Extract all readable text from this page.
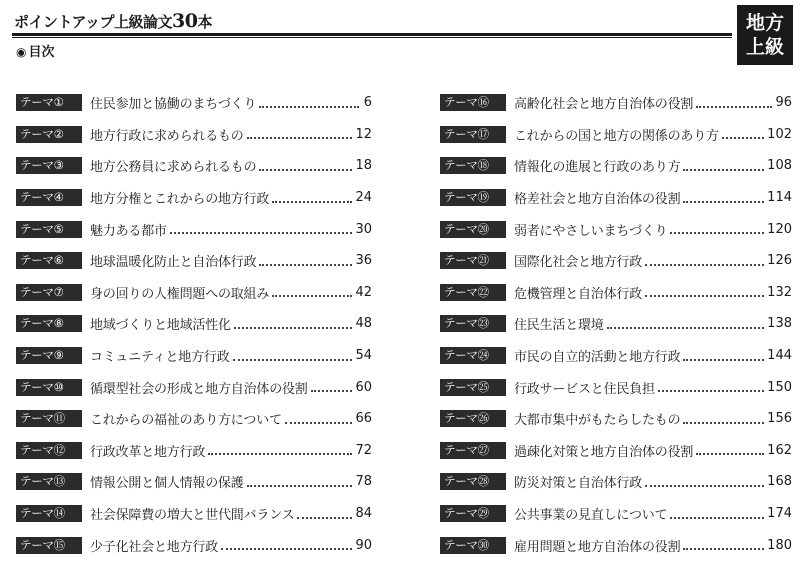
ポイントアップ上級論文30本
◉ 目次
地方
上級
テーマ①	住民参加と協働のまちづくり	6
テーマ②	地方行政に求められるもの	12
テーマ③	地方公務員に求められるもの	18
テーマ④	地方分権とこれからの地方行政	24
テーマ⑤	魅力ある都市	30
テーマ⑥	地球温暖化防止と自治体行政	36
テーマ⑦	身の回りの人権問題への取組み	42
テーマ⑧	地域づくりと地域活性化	48
テーマ⑨	コミュニティと地方行政	54
テーマ⑩	循環型社会の形成と地方自治体の役割	60
テーマ⑪	これからの福祉のあり方について	66
テーマ⑫	行政改革と地方行政	72
テーマ⑬	情報公開と個人情報の保護	78
テーマ⑭	社会保障費の増大と世代間バランス	84
テーマ⑮	少子化社会と地方行政	90
テーマ⑯	高齢化社会と地方自治体の役割	96
テーマ⑰	これからの国と地方の関係のあり方	102
テーマ⑱	情報化の進展と行政のあり方	108
テーマ⑲	格差社会と地方自治体の役割	114
テーマ⑳	弱者にやさしいまちづくり	120
テーマ㉑	国際化社会と地方行政	126
テーマ㉒	危機管理と自治体行政	132
テーマ㉓	住民生活と環境	138
テーマ㉔	市民の自立的活動と地方行政	144
テーマ㉕	行政サービスと住民負担	150
テーマ㉖	大都市集中がもたらしたもの	156
テーマ㉗	過疎化対策と地方自治体の役割	162
テーマ㉘	防災対策と自治体行政	168
テーマ㉙	公共事業の見直しについて	174
テーマ㉚	雇用問題と地方自治体の役割	180
